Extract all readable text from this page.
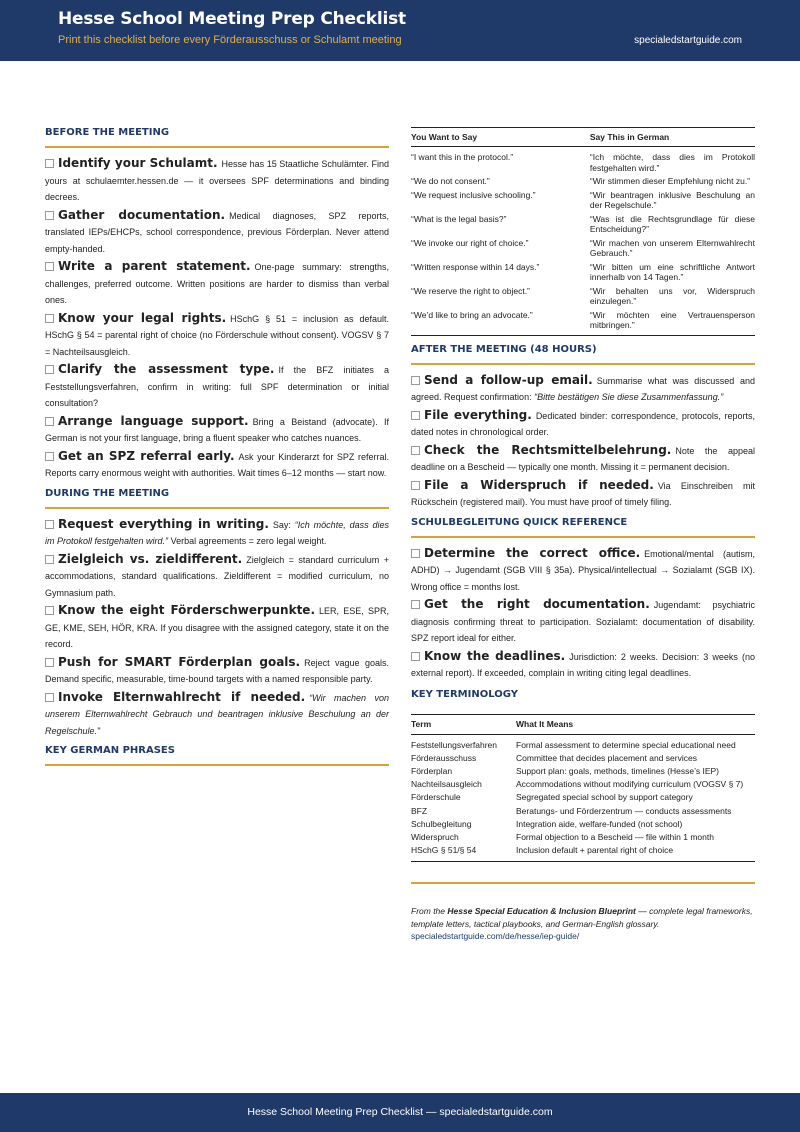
Hesse School Meeting Prep Checklist
Print this checklist before every Förderausschuss or Schulamt meeting	specialedstartguide.com
BEFORE THE MEETING
Identify your Schulamt. Hesse has 15 Staatliche Schulämter. Find yours at schulaemter.hessen.de — it oversees SPF determinations and binding decrees.
Gather documentation. Medical diagnoses, SPZ reports, translated IEPs/EHCPs, school correspondence, previous Förderplan. Never attend empty-handed.
Write a parent statement. One-page summary: strengths, challenges, preferred outcome. Written positions are harder to dismiss than verbal ones.
Know your legal rights. HSchG § 51 = inclusion as default. HSchG § 54 = parental right of choice (no Förderschule without consent). VOGSV § 7 = Nachteilsausgleich.
Clarify the assessment type. If the BFZ initiates a Feststellungsverfahren, confirm in writing: full SPF determination or initial consultation?
Arrange language support. Bring a Beistand (advocate). If German is not your first language, bring a fluent speaker who catches nuances.
Get an SPZ referral early. Ask your Kinderarzt for SPZ referral. Reports carry enormous weight with authorities. Wait times 6–12 months — start now.
DURING THE MEETING
Request everything in writing. Say: “Ich möchte, dass dies im Protokoll festgehalten wird.” Verbal agreements = zero legal weight.
Zielgleich vs. zieldifferent. Zielgleich = standard curriculum + accommodations, standard qualifications. Zieldifferent = modified curriculum, no Gymnasium path.
Know the eight Förderschwerpunkte. LER, ESE, SPR, GE, KME, SEH, HÖR, KRA. If you disagree with the assigned category, state it on the record.
Push for SMART Förderplan goals. Reject vague goals. Demand specific, measurable, time-bound targets with a named responsible party.
Invoke Elternwahlrecht if needed. “Wir machen von unserem Elternwahlrecht Gebrauch und beantragen inklusive Beschulung an der Regelschule.”
KEY GERMAN PHRASES
You Want to Say	Say This in German
“I want this in the protocol.”	“Ich möchte, dass dies im Protokoll festgehalten wird.”
“We do not consent.”	“Wir stimmen dieser Empfehlung nicht zu.”
“We request inclusive schooling.”	“Wir beantragen inklusive Beschulung an der Regelschule.”
“What is the legal basis?”	“Was ist die Rechtsgrundlage für diese Entscheidung?”
“We invoke our right of choice.”	“Wir machen von unserem Elternwahlrecht Gebrauch.”
“Written response within 14 days.”	“Wir bitten um eine schriftliche Antwort innerhalb von 14 Tagen.”
“We reserve the right to object.”	“Wir behalten uns vor, Widerspruch einzulegen.”
“We’d like to bring an advocate.”	“Wir möchten eine Vertrauensperson mitbringen.”
AFTER THE MEETING (48 HOURS)
Send a follow-up email. Summarise what was discussed and agreed. Request confirmation: “Bitte bestätigen Sie diese Zusammenfassung.”
File everything. Dedicated binder: correspondence, protocols, reports, dated notes in chronological order.
Check the Rechtsmittelbelehrung. Note the appeal deadline on a Bescheid — typically one month. Missing it = permanent decision.
File a Widerspruch if needed. Via Einschreiben mit Rückschein (registered mail). You must have proof of timely filing.
SCHULBEGLEITUNG QUICK REFERENCE
Determine the correct office. Emotional/mental (autism, ADHD) → Jugendamt (SGB VIII § 35a). Physical/intellectual → Sozialamt (SGB IX). Wrong office = months lost.
Get the right documentation. Jugendamt: psychiatric diagnosis confirming threat to participation. Sozialamt: documentation of disability. SPZ report ideal for either.
Know the deadlines. Jurisdiction: 2 weeks. Decision: 3 weeks (no external report). If exceeded, complain in writing citing legal deadlines.
KEY TERMINOLOGY
Term	What It Means
Feststellungsverfahren	Formal assessment to determine special educational need
Förderausschuss	Committee that decides placement and services
Förderplan	Support plan: goals, methods, timelines (Hesse’s IEP)
Nachteilsausgleich	Accommodations without modifying curriculum (VOGSV § 7)
Förderschule	Segregated special school by support category
BFZ	Beratungs- und Förderzentrum — conducts assessments
Schulbegleitung	Integration aide, welfare-funded (not school)
Widerspruch	Formal objection to a Bescheid — file within 1 month
HSchG § 51/§ 54	Inclusion default + parental right of choice
From the Hesse Special Education & Inclusion Blueprint — complete legal frameworks, template letters, tactical playbooks, and German-English glossary.
specialedstartguide.com/de/hesse/iep-guide/
Hesse School Meeting Prep Checklist — specialedstartguide.com
